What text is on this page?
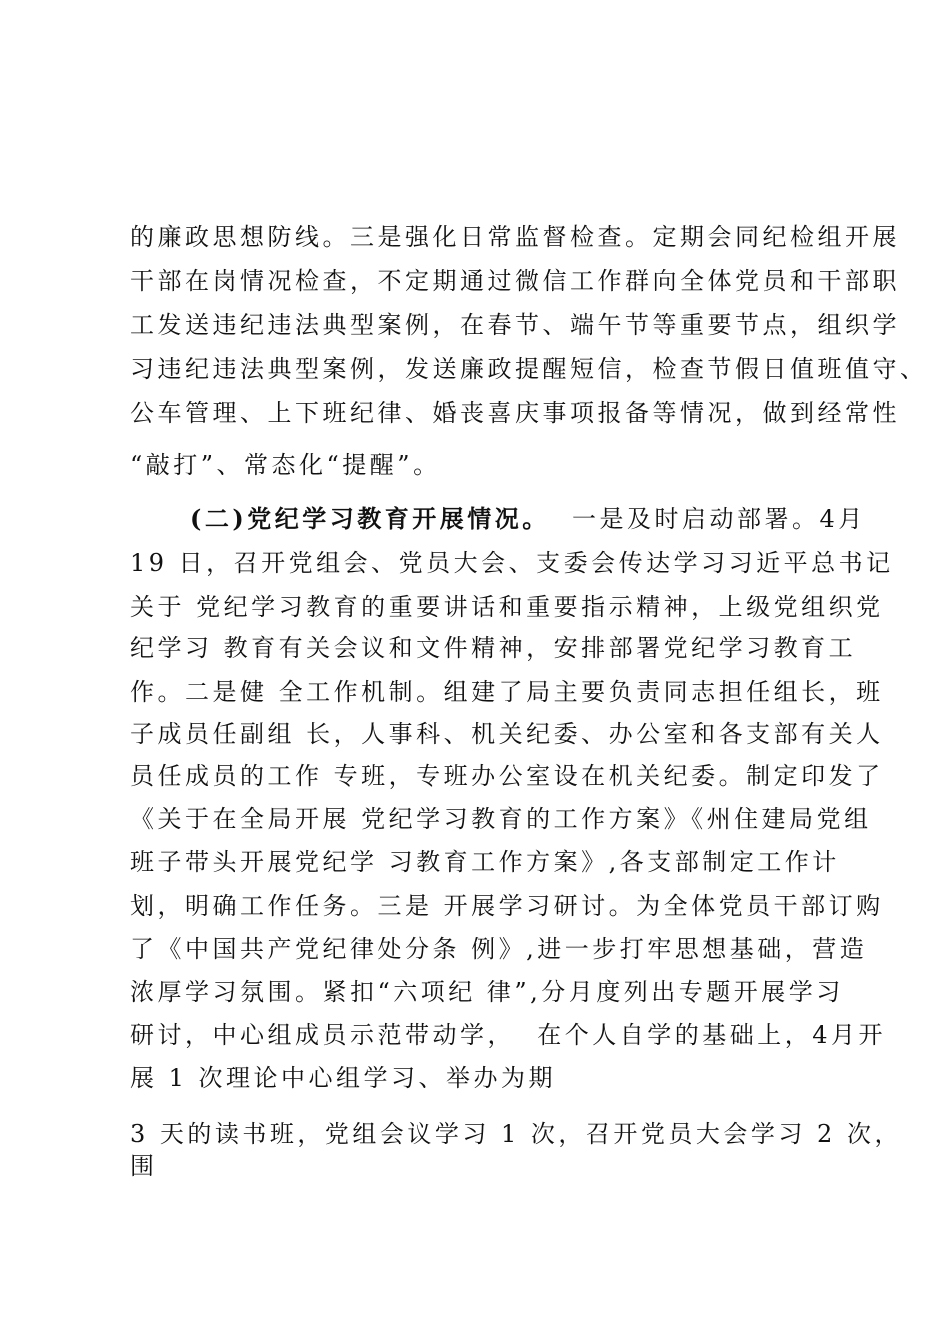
的廉政思想防线。三是强化日常监督检查。定期会同纪检组开展

干部在岗情况检查，不定期通过微信工作群向全体党员和干部职

工发送违纪违法典型案例，在春节、端午节等重要节点，组织学

习违纪违法典型案例，发送廉政提醒短信，检查节假日值班值守、

公车管理、上下班纪律、婚丧喜庆事项报备等情况，做到经常性

“敲打”、常态化“提醒”。

(二)党纪学习教育开展情况。  一是及时启动部署。4月

19 日，召开党组会、党员大会、支委会传达学习习近平总书记

关于 党纪学习教育的重要讲话和重要指示精神，上级党组织党

纪学习 教育有关会议和文件精神，安排部署党纪学习教育工

作。二是健 全工作机制。组建了局主要负责同志担任组长，班

子成员任副组 长，人事科、机关纪委、办公室和各支部有关人

员任成员的工作 专班，专班办公室设在机关纪委。制定印发了

《关于在全局开展 党纪学习教育的工作方案》《州住建局党组

班子带头开展党纪学 习教育工作方案》,各支部制定工作计

划，明确工作任务。三是 开展学习研讨。为全体党员干部订购

了《中国共产党纪律处分条 例》,进一步打牢思想基础，营造

浓厚学习氛围。紧扣“六项纪 律”,分月度列出专题开展学习

研讨，中心组成员示范带动学，  在个人自学的基础上，4月开

展 1 次理论中心组学习、举办为期

3 天的读书班，党组会议学习 1 次，召开党员大会学习 2 次，

围
